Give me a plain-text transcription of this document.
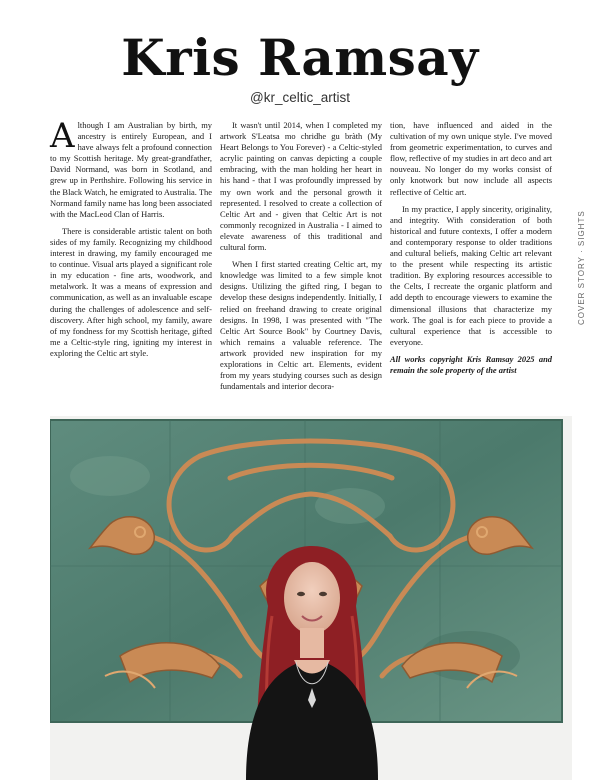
Kris Ramsay
@kr_celtic_artist

Although I am Australian by birth, my ancestry is entirely European, and I have always felt a profound connection to my Scottish heritage. My great-grandfather, David Normand, was born in Scotland, and grew up in Perthshire. Following his service in the Black Watch, he emigrated to Australia. The Normand family name has long been associated with the MacLeod Clan of Harris.

There is considerable artistic talent on both sides of my family. Recognizing my childhood interest in drawing, my family encouraged me to continue. Visual arts played a significant role in my education - fine arts, woodwork, and metalwork. It was a means of expression and communication, as well as an invaluable escape during the challenges of adolescence and self-discovery. After high school, my family, aware of my fondness for my Scottish heritage, gifted me a Celtic-style ring, igniting my interest in exploring the Celtic art style.

It wasn't until 2014, when I completed my artwork S'Leatsa mo chridhe gu bràth (My Heart Belongs to You Forever) - a Celtic-styled acrylic painting on canvas depicting a couple embracing, with the man holding her heart in his hand - that I was profoundly impressed by my own work and the personal growth it represented. I resolved to create a collection of Celtic Art and - given that Celtic Art is not commonly recognized in Australia - I aimed to elevate awareness of this traditional and cultural form.

When I first started creating Celtic art, my knowledge was limited to a few simple knot designs. Utilizing the gifted ring, I began to develop these designs independently. Initially, I relied on freehand drawing to create original designs. In 1998, I was presented with "The Celtic Art Source Book" by Courtney Davis, which remains a valuable reference. The artwork provided new inspiration for my explorations in Celtic art. Elements, evident from my years studying courses such as design fundamentals and interior decora-

tion, have influenced and aided in the cultivation of my own unique style. I've moved from geometric experimentation, to curves and flow, reflective of my studies in art deco and art nouveau. No longer do my works consist of only knotwork but now include all aspects reflective of Celtic art.

In my practice, I apply sincerity, originality, and integrity. With consideration of both historical and future contexts, I offer a modern and contemporary response to older traditions and cultural beliefs, making Celtic art relevant to the present while respecting its artistic tradition. By exploring resources accessible to the Celts, I recreate the organic platform and add depth to encourage viewers to examine the dimensional illusions that characterize my work. The goal is for each piece to provide a cultural experience that is accessible to everyone.

All works copyright Kris Ramsay 2025 and remain the sole property of the artist

COVER STORY · SIGHTS
